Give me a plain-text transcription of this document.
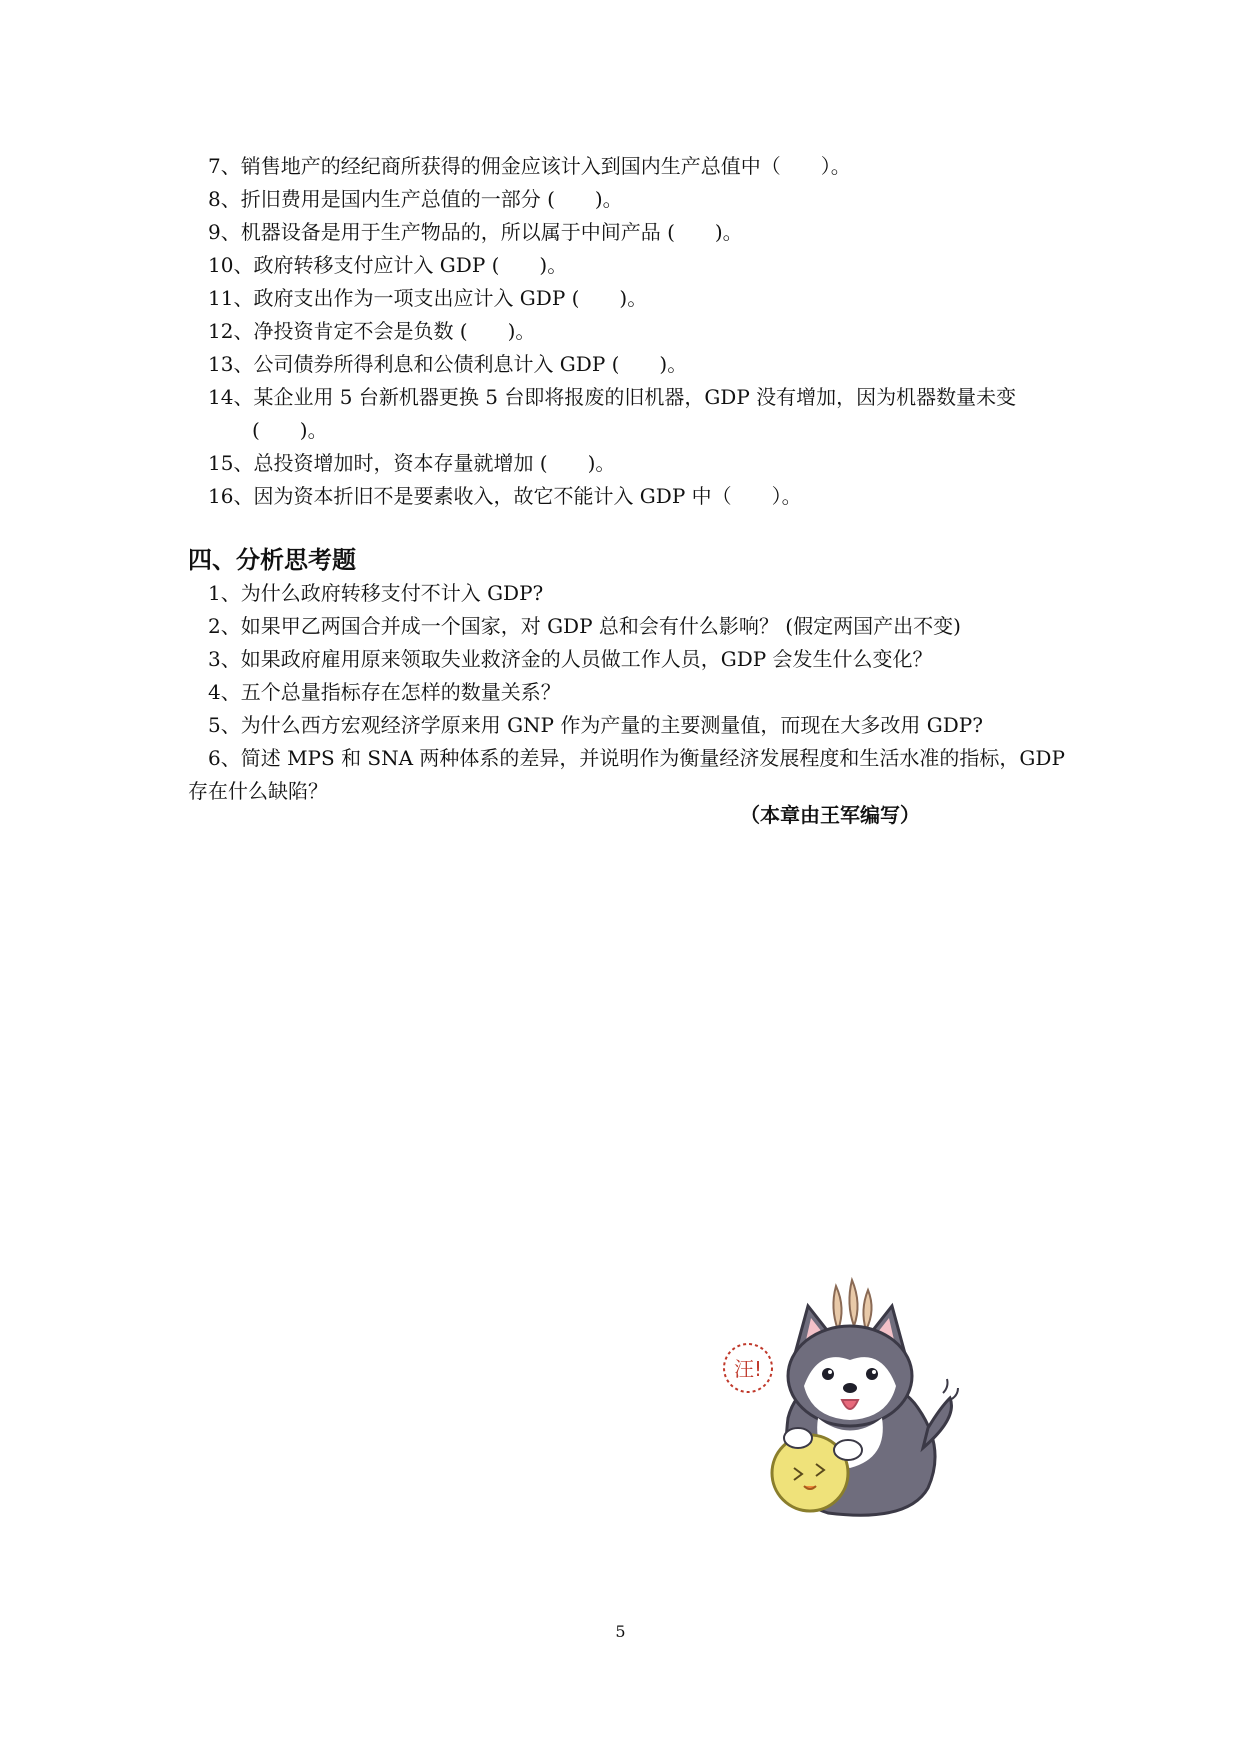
7、销售地产的经纪商所获得的佣金应该计入到国内生产总值中（　　）。
8、折旧费用是国内生产总值的一部分 (　　)。
9、机器设备是用于生产物品的，所以属于中间产品 (　　)。
10、政府转移支付应计入 GDP (　　)。
11、政府支出作为一项支出应计入 GDP (　　)。
12、净投资肯定不会是负数 (　　)。
13、公司债券所得利息和公债利息计入 GDP (　　)。
14、某企业用 5 台新机器更换 5 台即将报废的旧机器，GDP 没有增加，因为机器数量未变 (　　)。
15、总投资增加时，资本存量就增加 (　　)。
16、因为资本折旧不是要素收入，故它不能计入 GDP 中（　　）。
四、分析思考题
1、为什么政府转移支付不计入 GDP?
2、如果甲乙两国合并成一个国家，对 GDP 总和会有什么影响？ (假定两国产出不变)
3、如果政府雇用原来领取失业救济金的人员做工作人员，GDP 会发生什么变化？
4、五个总量指标存在怎样的数量关系？
5、为什么西方宏观经济学原来用 GNP 作为产量的主要测量值，而现在大多改用 GDP?
6、简述 MPS 和 SNA 两种体系的差异，并说明作为衡量经济发展程度和生活水准的指标，GDP 存在什么缺陷？
（本章由王军编写）
汪!
5
